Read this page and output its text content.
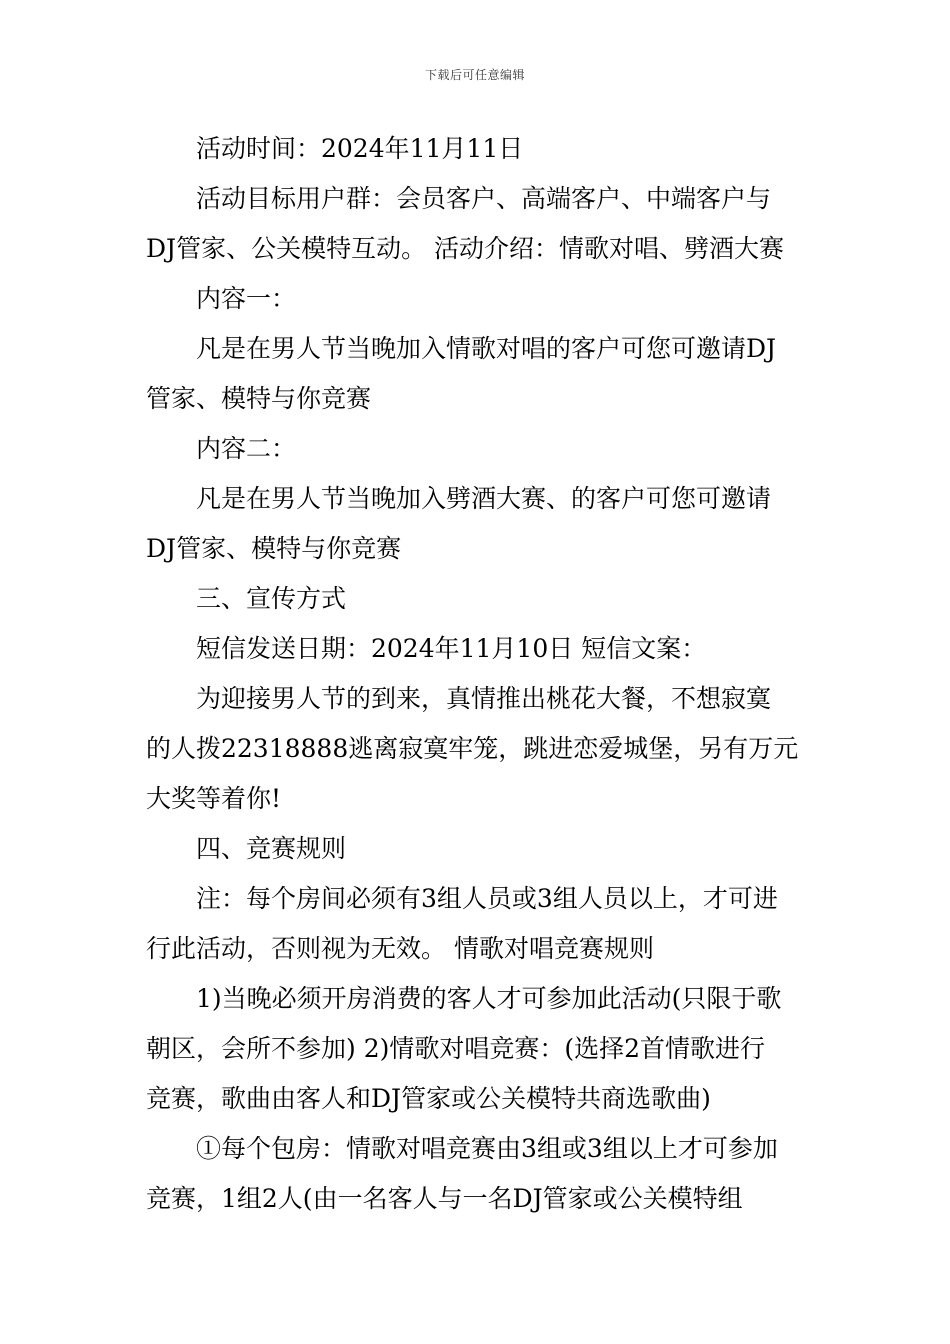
下载后可任意编辑
活动时间：2024年11月11日
活动目标用户群：会员客户、高端客户、中端客户与
DJ管家、公关模特互动。 活动介绍：情歌对唱、劈酒大赛
内容一：
凡是在男人节当晚加入情歌对唱的客户可您可邀请DJ
管家、模特与你竞赛
内容二：
凡是在男人节当晚加入劈酒大赛、的客户可您可邀请
DJ管家、模特与你竞赛
三、宣传方式
短信发送日期：2024年11月10日 短信文案：
为迎接男人节的到来，真情推出桃花大餐，不想寂寞
的人拨22318888逃离寂寞牢笼，跳进恋爱城堡，另有万元
大奖等着你!
四、竞赛规则
注：每个房间必须有3组人员或3组人员以上，才可进
行此活动，否则视为无效。 情歌对唱竞赛规则
1)当晚必须开房消费的客人才可参加此活动(只限于歌
朝区，会所不参加) 2)情歌对唱竞赛：(选择2首情歌进行
竞赛，歌曲由客人和DJ管家或公关模特共商选歌曲)
①每个包房：情歌对唱竞赛由3组或3组以上才可参加
竞赛，1组2人(由一名客人与一名DJ管家或公关模特组
